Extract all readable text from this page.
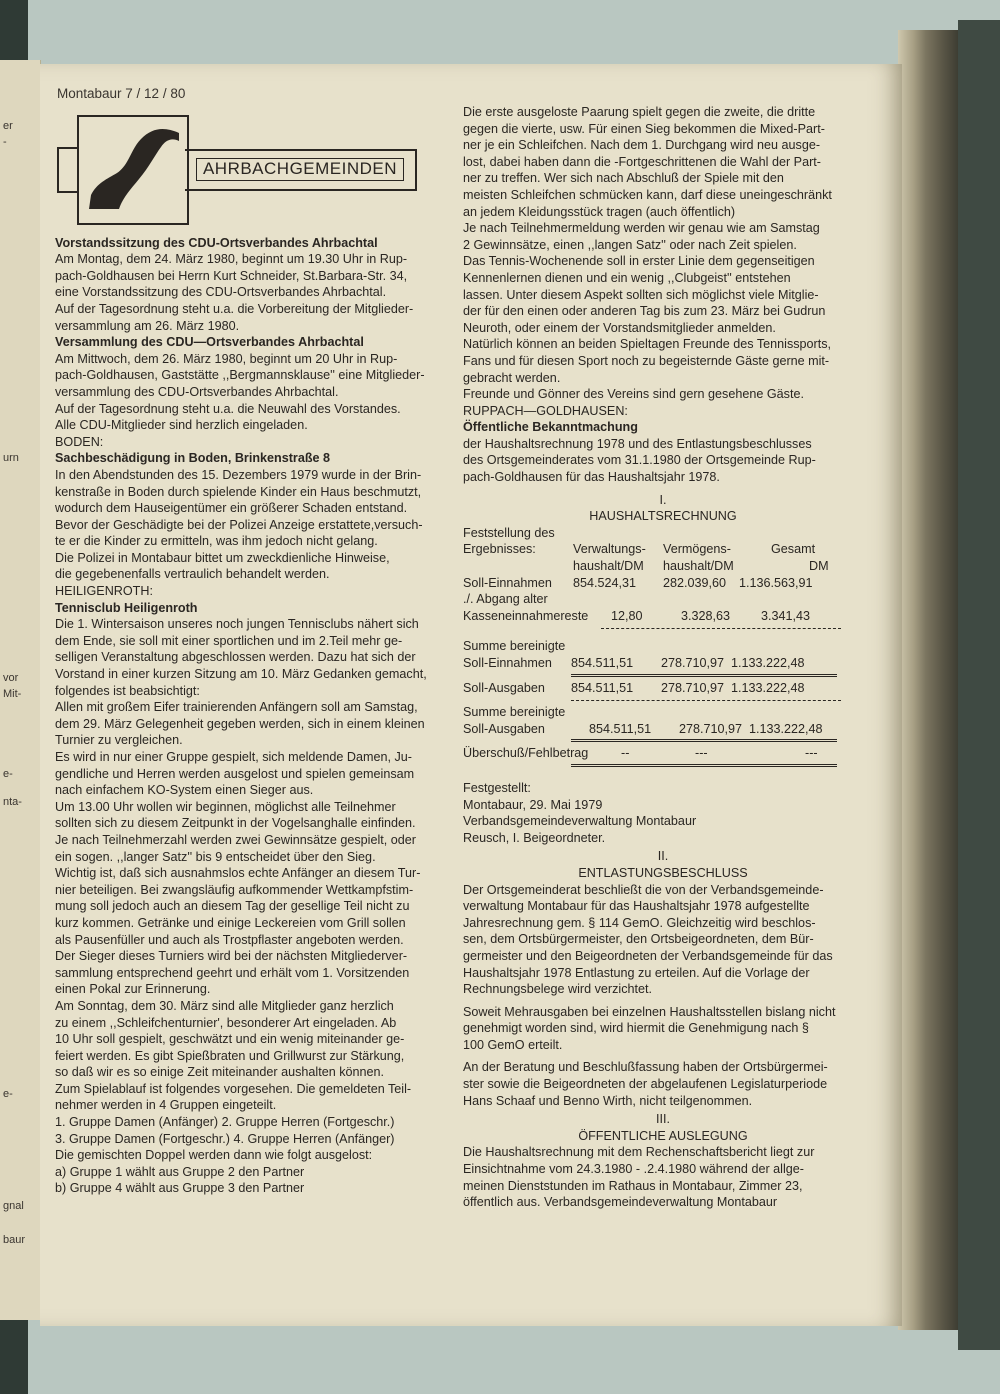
er
-
urn
vor
Mit-
e-
nta-
e-
gnal
baur
Montabaur 7 / 12 / 80
AHRBACHGEMEINDEN

Vorstandssitzung des CDU-Ortsverbandes Ahrbachtal

Am Montag, dem 24. März 1980, beginnt um 19.30 Uhr in Rup-

pach-Goldhausen bei Herrn Kurt Schneider, St.Barbara-Str. 34,

eine Vorstandssitzung des CDU-Ortsverbandes Ahrbachtal.

Auf der Tagesordnung steht u.a. die Vorbereitung der Mitglieder-

versammlung am 26. März 1980.

Versammlung des CDU—Ortsverbandes Ahrbachtal

Am Mittwoch, dem 26. März 1980, beginnt um 20 Uhr in Rup-

pach-Goldhausen, Gaststätte ,,Bergmannsklause'' eine Mitglieder-

versammlung des CDU-Ortsverbandes Ahrbachtal.

Auf der Tagesordnung steht u.a. die Neuwahl des Vorstandes.

Alle CDU-Mitglieder sind herzlich eingeladen.

BODEN:

Sachbeschädigung in Boden, Brinkenstraße 8

In den Abendstunden des 15. Dezembers 1979 wurde in der Brin-

kenstraße in Boden durch spielende Kinder ein Haus beschmutzt,

wodurch dem Hauseigentümer ein größerer Schaden entstand.

Bevor der Geschädigte bei der Polizei Anzeige erstattete,versuch-

te er die Kinder zu ermitteln, was ihm jedoch nicht gelang.

Die Polizei in Montabaur bittet um zweckdienliche Hinweise,

die gegebenenfalls vertraulich behandelt werden.

HEILIGENROTH:

Tennisclub Heiligenroth

Die 1. Wintersaison unseres noch jungen Tennisclubs nähert sich

dem Ende, sie soll mit einer sportlichen und im 2.Teil mehr ge-

selligen Veranstaltung abgeschlossen werden. Dazu hat sich der

Vorstand in einer kurzen Sitzung am 10. März Gedanken gemacht,

folgendes ist beabsichtigt:

Allen mit großem Eifer trainierenden Anfängern soll am Samstag,

dem 29. März Gelegenheit gegeben werden, sich in einem kleinen

Turnier zu vergleichen.

Es wird in nur einer Gruppe gespielt, sich meldende Damen, Ju-

gendliche und Herren werden ausgelost und spielen gemeinsam

nach einfachem KO-System einen Sieger aus.

Um 13.00 Uhr wollen wir beginnen, möglichst alle Teilnehmer

sollten sich zu diesem Zeitpunkt in der Vogelsanghalle einfinden.

Je nach Teilnehmerzahl werden zwei Gewinnsätze gespielt, oder

ein sogen. ,,langer Satz'' bis 9 entscheidet über den Sieg.

Wichtig ist, daß sich ausnahmslos echte Anfänger an diesem Tur-

nier beteiligen. Bei zwangsläufig aufkommender Wettkampfstim-

mung soll jedoch auch an diesem Tag der gesellige Teil nicht zu

kurz kommen. Getränke und einige Leckereien vom Grill sollen

als Pausenfüller und auch als Trostpflaster angeboten werden.

Der Sieger dieses Turniers wird bei der nächsten Mitgliederver-

sammlung entsprechend geehrt und erhält vom 1. Vorsitzenden

einen Pokal zur Erinnerung.

Am Sonntag, dem 30. März sind alle Mitglieder ganz herzlich

zu einem ,,Schleifchenturnier', besonderer Art eingeladen. Ab

10 Uhr soll gespielt, geschwätzt und ein wenig miteinander ge-

feiert werden. Es gibt Spießbraten und Grillwurst zur Stärkung,

so daß wir es so einige Zeit miteinander aushalten können.

Zum Spielablauf ist folgendes vorgesehen. Die gemeldeten Teil-

nehmer werden in 4 Gruppen eingeteilt.

1. Gruppe Damen (Anfänger) 2. Gruppe Herren (Fortgeschr.)

3. Gruppe Damen (Fortgeschr.) 4. Gruppe Herren (Anfänger)

Die gemischten Doppel werden dann wie folgt ausgelost:

a) Gruppe 1 wählt aus Gruppe 2 den Partner

b) Gruppe 4 wählt aus Gruppe 3 den Partner

Die erste ausgeloste Paarung spielt gegen die zweite, die dritte

gegen die vierte, usw. Für einen Sieg bekommen die Mixed-Part-

ner je ein Schleifchen. Nach dem 1. Durchgang wird neu ausge-

lost, dabei haben dann die -Fortgeschrittenen die Wahl der Part-

ner zu treffen. Wer sich nach Abschluß der Spiele mit den

meisten Schleifchen schmücken kann, darf diese uneingeschränkt

an jedem Kleidungsstück tragen (auch öffentlich)

Je nach Teilnehmermeldung werden wir genau wie am Samstag

2 Gewinnsätze, einen ,,langen Satz'' oder nach Zeit spielen.

Das Tennis-Wochenende soll in erster Linie dem gegenseitigen

Kennenlernen dienen und ein wenig ,,Clubgeist'' entstehen

lassen. Unter diesem Aspekt sollten sich möglichst viele Mitglie-

der für den einen oder anderen Tag bis zum 23. März bei Gudrun

Neuroth, oder einem der Vorstandsmitglieder anmelden.

Natürlich können an beiden Spieltagen Freunde des Tennissports,

Fans und für diesen Sport noch zu begeisternde Gäste gerne mit-

gebracht werden.

Freunde und Gönner des Vereins sind gern gesehene Gäste.

RUPPACH—GOLDHAUSEN:

Öffentliche Bekanntmachung

der Haushaltsrechnung 1978 und des Entlastungsbeschlusses

des Ortsgemeinderates vom 31.1.1980 der Ortsgemeinde Rup-

pach-Goldhausen für das Haushaltsjahr 1978.

I.

HAUSHALTSRECHNUNG

Feststellung des
Ergebnisses:	Verwaltungs- Vermögens-	Gesamt
haushalt/DM haushalt/DM	DM
Soll-Einnahmen 854.524,31 282.039,60 1.136.563,91
./. Abgang alter
Kasseneinnahmereste 12,80	3.328,63 3.341,43
Summe bereinigte
Soll-Einnahmen 854.511,51 278.710,97 1.133.222,48
Soll-Ausgaben 854.511,51 278.710,97 1.133.222,48
Summe bereinigte
Soll-Ausgaben	854.511,51 278.710,97 1.133.222,48
Überschuß/Fehlbetrag	--	---	---

Festgestellt:

Montabaur, 29. Mai 1979

Verbandsgemeindeverwaltung Montabaur

Reusch, I. Beigeordneter.

II.

ENTLASTUNGSBESCHLUSS

Der Ortsgemeinderat beschließt die von der Verbandsgemeinde-

verwaltung Montabaur für das Haushaltsjahr 1978 aufgestellte

Jahresrechnung gem. § 114 GemO. Gleichzeitig wird beschlos-

sen, dem Ortsbürgermeister, den Ortsbeigeordneten, dem Bür-

germeister und den Beigeordneten der Verbandsgemeinde für das

Haushaltsjahr 1978 Entlastung zu erteilen. Auf die Vorlage der

Rechnungsbelege wird verzichtet.

Soweit Mehrausgaben bei einzelnen Haushaltsstellen bislang nicht

genehmigt worden sind, wird hiermit die Genehmigung nach §

100 GemO erteilt.

An der Beratung und Beschlußfassung haben der Ortsbürgermei-

ster sowie die Beigeordneten der abgelaufenen Legislaturperiode

Hans Schaaf und Benno Wirth, nicht teilgenommen.

III.

ÖFFENTLICHE AUSLEGUNG

Die Haushaltsrechnung mit dem Rechenschaftsbericht liegt zur

Einsichtnahme vom 24.3.1980 - .2.4.1980 während der allge-

meinen Dienststunden im Rathaus in Montabaur, Zimmer 23,

öffentlich aus. Verbandsgemeindeverwaltung Montabaur
